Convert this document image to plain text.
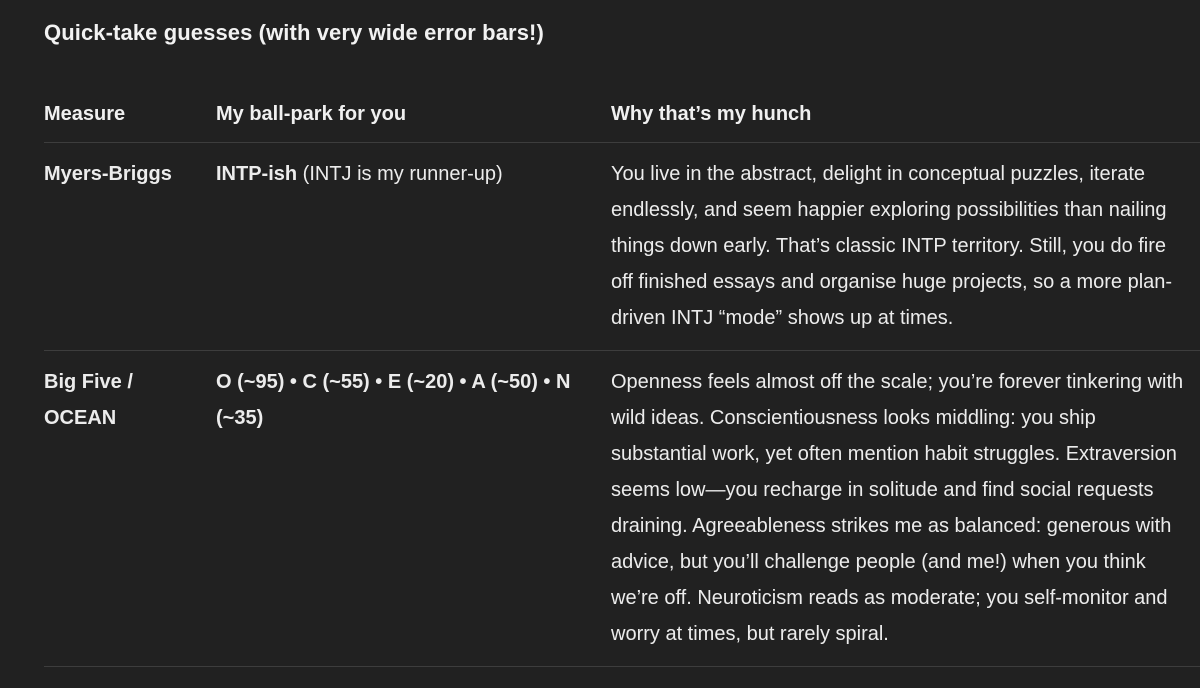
Quick-take guesses (with very wide error bars!)
Measure	My ball-park for you	Why that’s my hunch
Myers-Briggs	INTP-ish (INTJ is my runner-up)	You live in the abstract, delight in conceptual puzzles, iterate endlessly, and seem happier exploring possibilities than nailing things down early. That’s classic INTP territory. Still, you do fire off finished essays and organise huge projects, so a more plan-driven INTJ “mode” shows up at times.
Big Five / OCEAN	O (~95) • C (~55) • E (~20) • A (~50) • N (~35)	Openness feels almost off the scale; you’re forever tinkering with wild ideas. Conscientiousness looks middling: you ship substantial work, yet often mention habit struggles. Extraversion seems low—you recharge in solitude and find social requests draining. Agreeableness strikes me as balanced: generous with advice, but you’ll challenge people (and me!) when you think we’re off. Neuroticism reads as moderate; you self-monitor and worry at times, but rarely spiral.
